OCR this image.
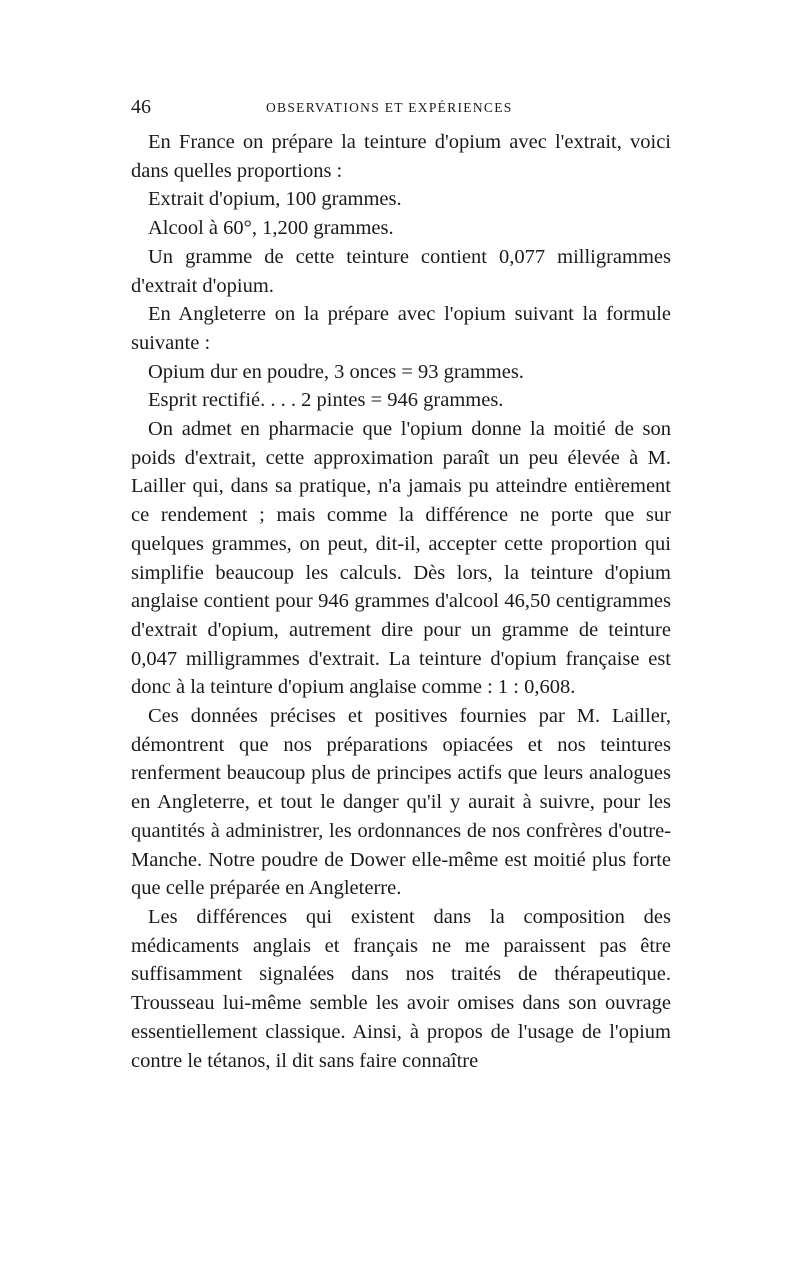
46	OBSERVATIONS ET EXPÉRIENCES

En France on prépare la teinture d'opium avec l'extrait, voici dans quelles proportions :

Extrait d'opium, 100 grammes.

Alcool à 60°, 1,200 grammes.

Un gramme de cette teinture contient 0,077 milligrammes d'extrait d'opium.

En Angleterre on la prépare avec l'opium suivant la formule suivante :

Opium dur en poudre, 3 onces = 93 grammes.

Esprit rectifié. . . . 2 pintes = 946 grammes.

On admet en pharmacie que l'opium donne la moitié de son poids d'extrait, cette approximation paraît un peu élevée à M. Lailler qui, dans sa pratique, n'a jamais pu atteindre entièrement ce rendement ; mais comme la différence ne porte que sur quelques grammes, on peut, dit-il, accepter cette proportion qui simplifie beaucoup les calculs. Dès lors, la teinture d'opium anglaise contient pour 946 grammes d'alcool 46,50 centigrammes d'extrait d'opium, autrement dire pour un gramme de teinture 0,047 milligrammes d'extrait. La teinture d'opium française est donc à la teinture d'opium anglaise comme : 1 : 0,608.

Ces données précises et positives fournies par M. Lailler, démontrent que nos préparations opiacées et nos teintures renferment beaucoup plus de principes actifs que leurs analogues en Angleterre, et tout le danger qu'il y aurait à suivre, pour les quantités à administrer, les ordonnances de nos confrères d'outre-Manche. Notre poudre de Dower elle-même est moitié plus forte que celle préparée en Angleterre.

Les différences qui existent dans la composition des médicaments anglais et français ne me paraissent pas être suffisamment signalées dans nos traités de thérapeutique. Trousseau lui-même semble les avoir omises dans son ouvrage essentiellement classique. Ainsi, à propos de l'usage de l'opium contre le tétanos, il dit sans faire connaître
